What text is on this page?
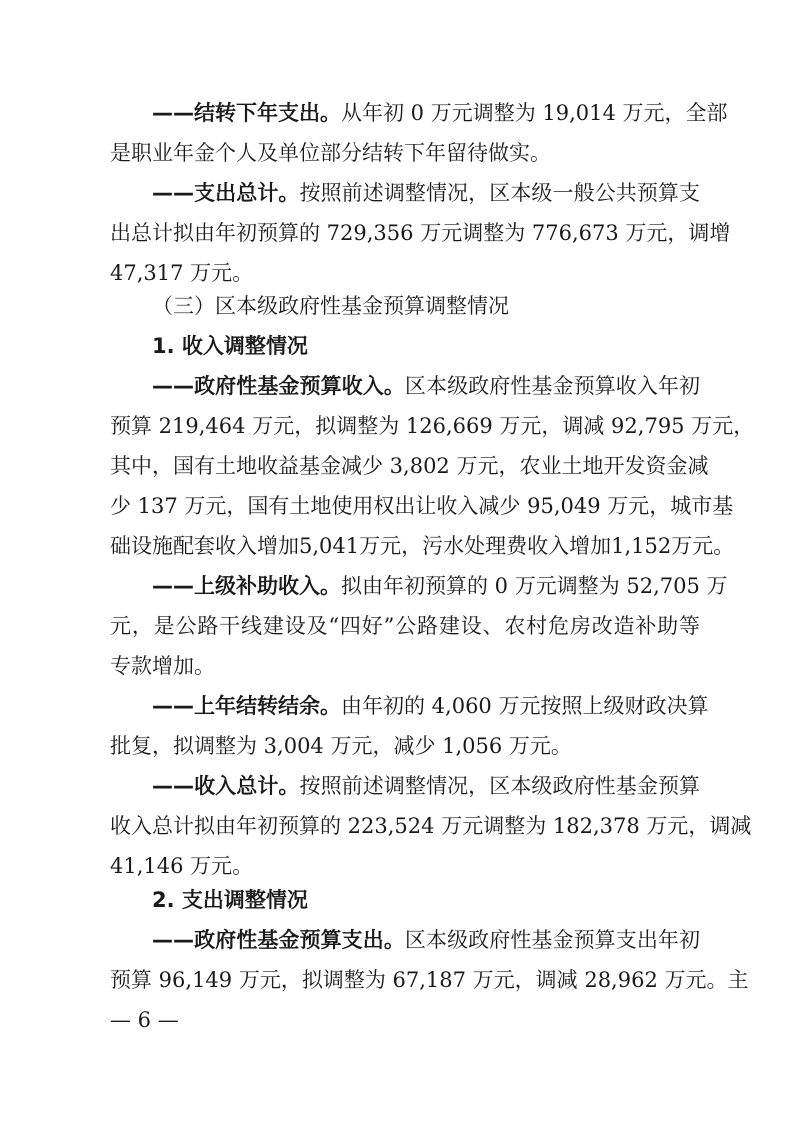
——结转下年支出。从年初 0 万元调整为 19,014 万元，全部
是职业年金个人及单位部分结转下年留待做实。
——支出总计。按照前述调整情况，区本级一般公共预算支
出总计拟由年初预算的 729,356 万元调整为 776,673 万元，调增
47,317 万元。
（三）区本级政府性基金预算调整情况
1. 收入调整情况
——政府性基金预算收入。区本级政府性基金预算收入年初
预算 219,464 万元，拟调整为 126,669 万元，调减 92,795 万元，
其中，国有土地收益基金减少 3,802 万元，农业土地开发资金减
少 137 万元，国有土地使用权出让收入减少 95,049 万元，城市基
础设施配套收入增加5,041万元，污水处理费收入增加1,152万元。
——上级补助收入。拟由年初预算的 0 万元调整为 52,705 万
元，是公路干线建设及“四好”公路建设、农村危房改造补助等
专款增加。
——上年结转结余。由年初的 4,060 万元按照上级财政决算
批复，拟调整为 3,004 万元，减少 1,056 万元。
——收入总计。按照前述调整情况，区本级政府性基金预算
收入总计拟由年初预算的 223,524 万元调整为 182,378 万元，调减
41,146 万元。
2. 支出调整情况
——政府性基金预算支出。区本级政府性基金预算支出年初
预算 96,149 万元，拟调整为 67,187 万元，调减 28,962 万元。主
— 6 —
